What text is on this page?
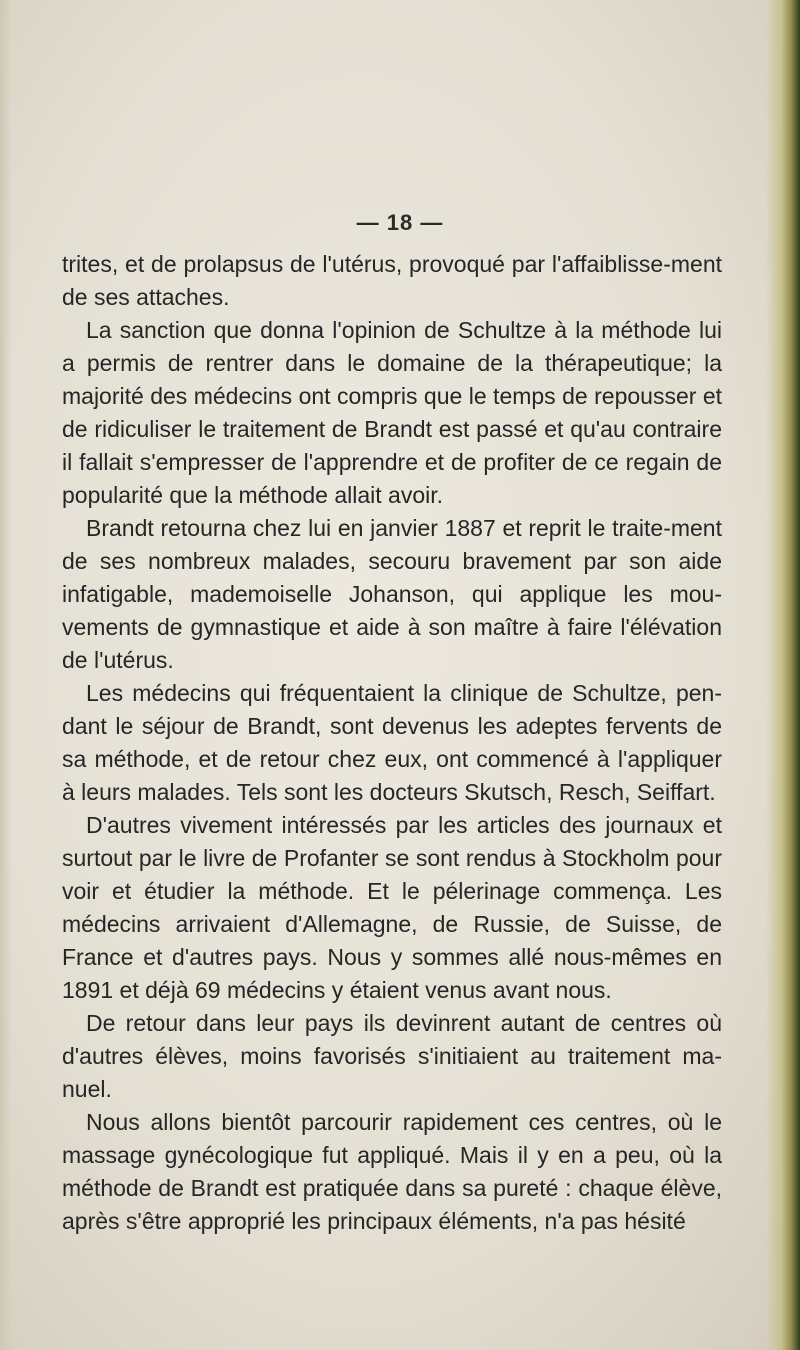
— 18 —

trites, et de prolapsus de l'utérus, provoqué par l'affaiblisse-ment de ses attaches.

La sanction que donna l'opinion de Schultze à la méthode lui a permis de rentrer dans le domaine de la thérapeutique; la majorité des médecins ont compris que le temps de repousser et de ridiculiser le traitement de Brandt est passé et qu'au contraire il fallait s'empresser de l'apprendre et de profiter de ce regain de popularité que la méthode allait avoir.

Brandt retourna chez lui en janvier 1887 et reprit le traite-ment de ses nombreux malades, secouru bravement par son aide infatigable, mademoiselle Johanson, qui applique les mou-vements de gymnastique et aide à son maître à faire l'élévation de l'utérus.

Les médecins qui fréquentaient la clinique de Schultze, pen-dant le séjour de Brandt, sont devenus les adeptes fervents de sa méthode, et de retour chez eux, ont commencé à l'appliquer à leurs malades. Tels sont les docteurs Skutsch, Resch, Seiffart.

D'autres vivement intéressés par les articles des journaux et surtout par le livre de Profanter se sont rendus à Stockholm pour voir et étudier la méthode. Et le pélerinage commença. Les médecins arrivaient d'Allemagne, de Russie, de Suisse, de France et d'autres pays. Nous y sommes allé nous-mêmes en 1891 et déjà 69 médecins y étaient venus avant nous.

De retour dans leur pays ils devinrent autant de centres où d'autres élèves, moins favorisés s'initiaient au traitement ma-nuel.

Nous allons bientôt parcourir rapidement ces centres, où le massage gynécologique fut appliqué. Mais il y en a peu, où la méthode de Brandt est pratiquée dans sa pureté : chaque élève, après s'être approprié les principaux éléments, n'a pas hésité
